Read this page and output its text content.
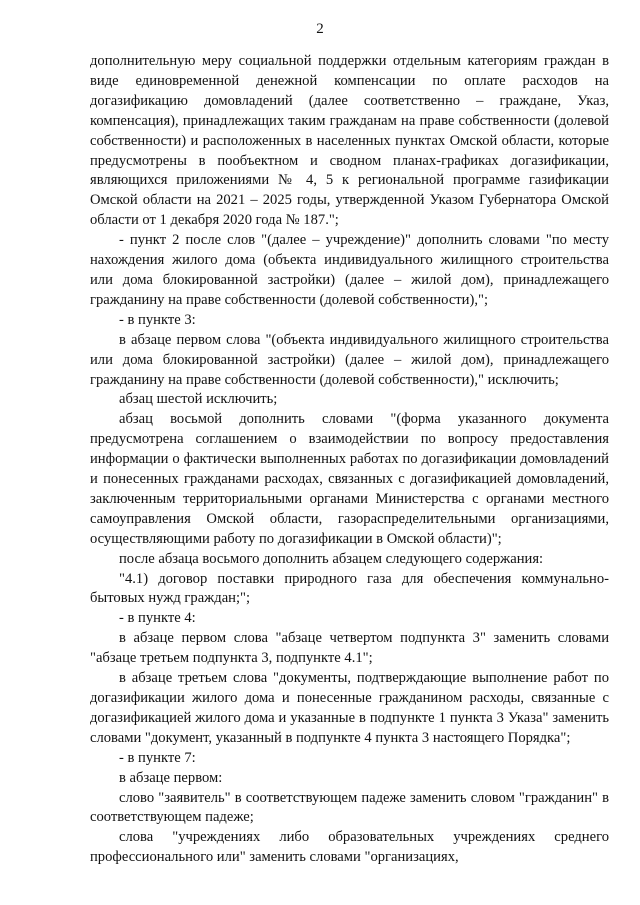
2

дополнительную меру социальной поддержки отдельным категориям граждан в виде единовременной денежной компенсации по оплате расходов на догазификацию домовладений (далее соответственно – граждане, Указ, компенсация), принадлежащих таким гражданам на праве собственности (долевой собственности) и расположенных в населенных пунктах Омской области, которые предусмотрены в пообъектном и сводном планах-графиках догазификации, являющихся приложениями № 4, 5 к региональной программе газификации Омской области на 2021 – 2025 годы, утвержденной Указом Губернатора Омской области от 1 декабря 2020 года № 187.";

- пункт 2 после слов "(далее – учреждение)" дополнить словами "по месту нахождения жилого дома (объекта индивидуального жилищного строительства или дома блокированной застройки) (далее – жилой дом), принадлежащего гражданину на праве собственности (долевой собственности),";

- в пункте 3:

в абзаце первом слова "(объекта индивидуального жилищного строительства или дома блокированной застройки) (далее – жилой дом), принадлежащего гражданину на праве собственности (долевой собственности)," исключить;

абзац шестой исключить;

абзац восьмой дополнить словами "(форма указанного документа предусмотрена соглашением о взаимодействии по вопросу предоставления информации о фактически выполненных работах по догазификации домовладений и понесенных гражданами расходах, связанных с догазификацией домовладений, заключенным территориальными органами Министерства с органами местного самоуправления Омской области, газораспределительными организациями, осуществляющими работу по догазификации в Омской области)";

после абзаца восьмого дополнить абзацем следующего содержания:

"4.1) договор поставки природного газа для обеспечения коммунально-бытовых нужд граждан;";

- в пункте 4:

в абзаце первом слова "абзаце четвертом подпункта 3" заменить словами "абзаце третьем подпункта 3, подпункте 4.1";

в абзаце третьем слова "документы, подтверждающие выполнение работ по догазификации жилого дома и понесенные гражданином расходы, связанные с догазификацией жилого дома и указанные в подпункте 1 пункта 3 Указа" заменить словами "документ, указанный в подпункте 4 пункта 3 настоящего Порядка";

- в пункте 7:

в абзаце первом:

слово "заявитель" в соответствующем падеже заменить словом "гражданин" в соответствующем падеже;

слова "учреждениях либо образовательных учреждениях среднего профессионального или" заменить словами "организациях,
